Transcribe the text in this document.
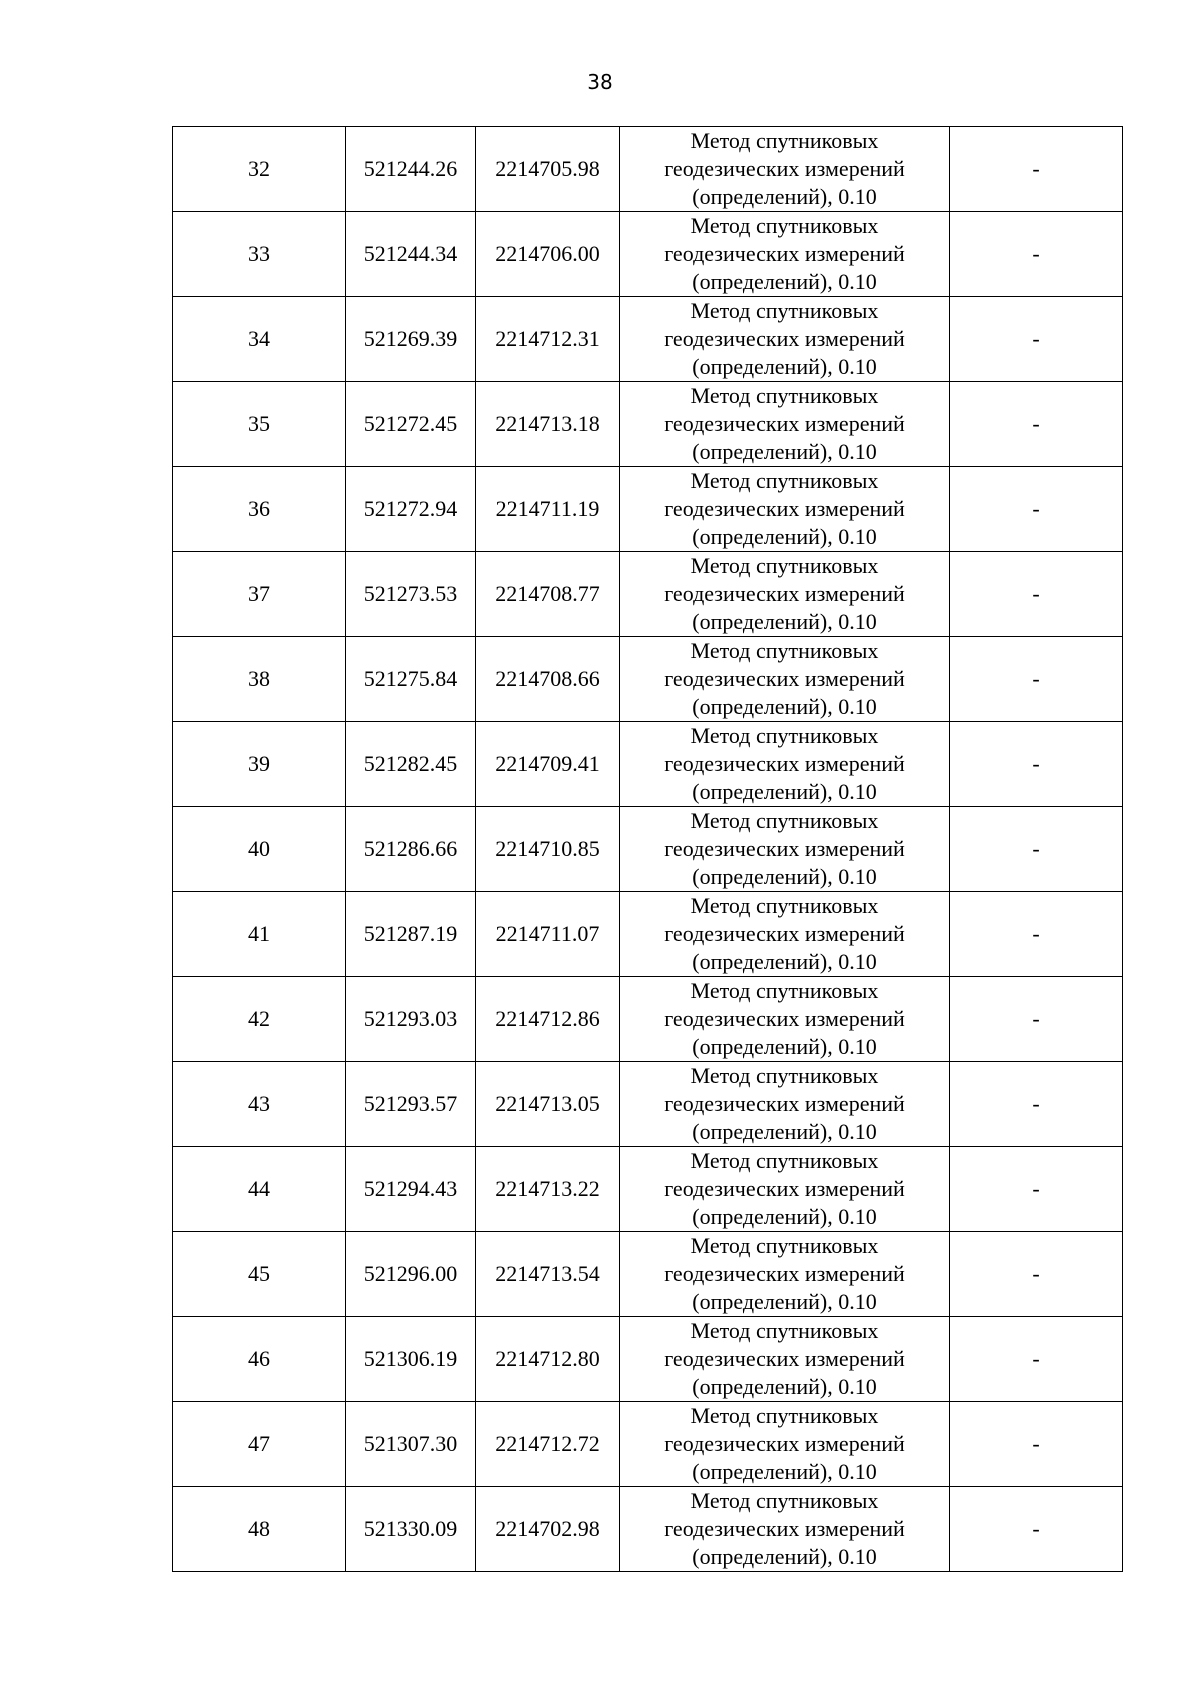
38
32	521244.26	2214705.98	Метод спутниковых
геодезических измерений
(определений), 0.10	-
33	521244.34	2214706.00	Метод спутниковых
геодезических измерений
(определений), 0.10	-
34	521269.39	2214712.31	Метод спутниковых
геодезических измерений
(определений), 0.10	-
35	521272.45	2214713.18	Метод спутниковых
геодезических измерений
(определений), 0.10	-
36	521272.94	2214711.19	Метод спутниковых
геодезических измерений
(определений), 0.10	-
37	521273.53	2214708.77	Метод спутниковых
геодезических измерений
(определений), 0.10	-
38	521275.84	2214708.66	Метод спутниковых
геодезических измерений
(определений), 0.10	-
39	521282.45	2214709.41	Метод спутниковых
геодезических измерений
(определений), 0.10	-
40	521286.66	2214710.85	Метод спутниковых
геодезических измерений
(определений), 0.10	-
41	521287.19	2214711.07	Метод спутниковых
геодезических измерений
(определений), 0.10	-
42	521293.03	2214712.86	Метод спутниковых
геодезических измерений
(определений), 0.10	-
43	521293.57	2214713.05	Метод спутниковых
геодезических измерений
(определений), 0.10	-
44	521294.43	2214713.22	Метод спутниковых
геодезических измерений
(определений), 0.10	-
45	521296.00	2214713.54	Метод спутниковых
геодезических измерений
(определений), 0.10	-
46	521306.19	2214712.80	Метод спутниковых
геодезических измерений
(определений), 0.10	-
47	521307.30	2214712.72	Метод спутниковых
геодезических измерений
(определений), 0.10	-
48	521330.09	2214702.98	Метод спутниковых
геодезических измерений
(определений), 0.10	-
